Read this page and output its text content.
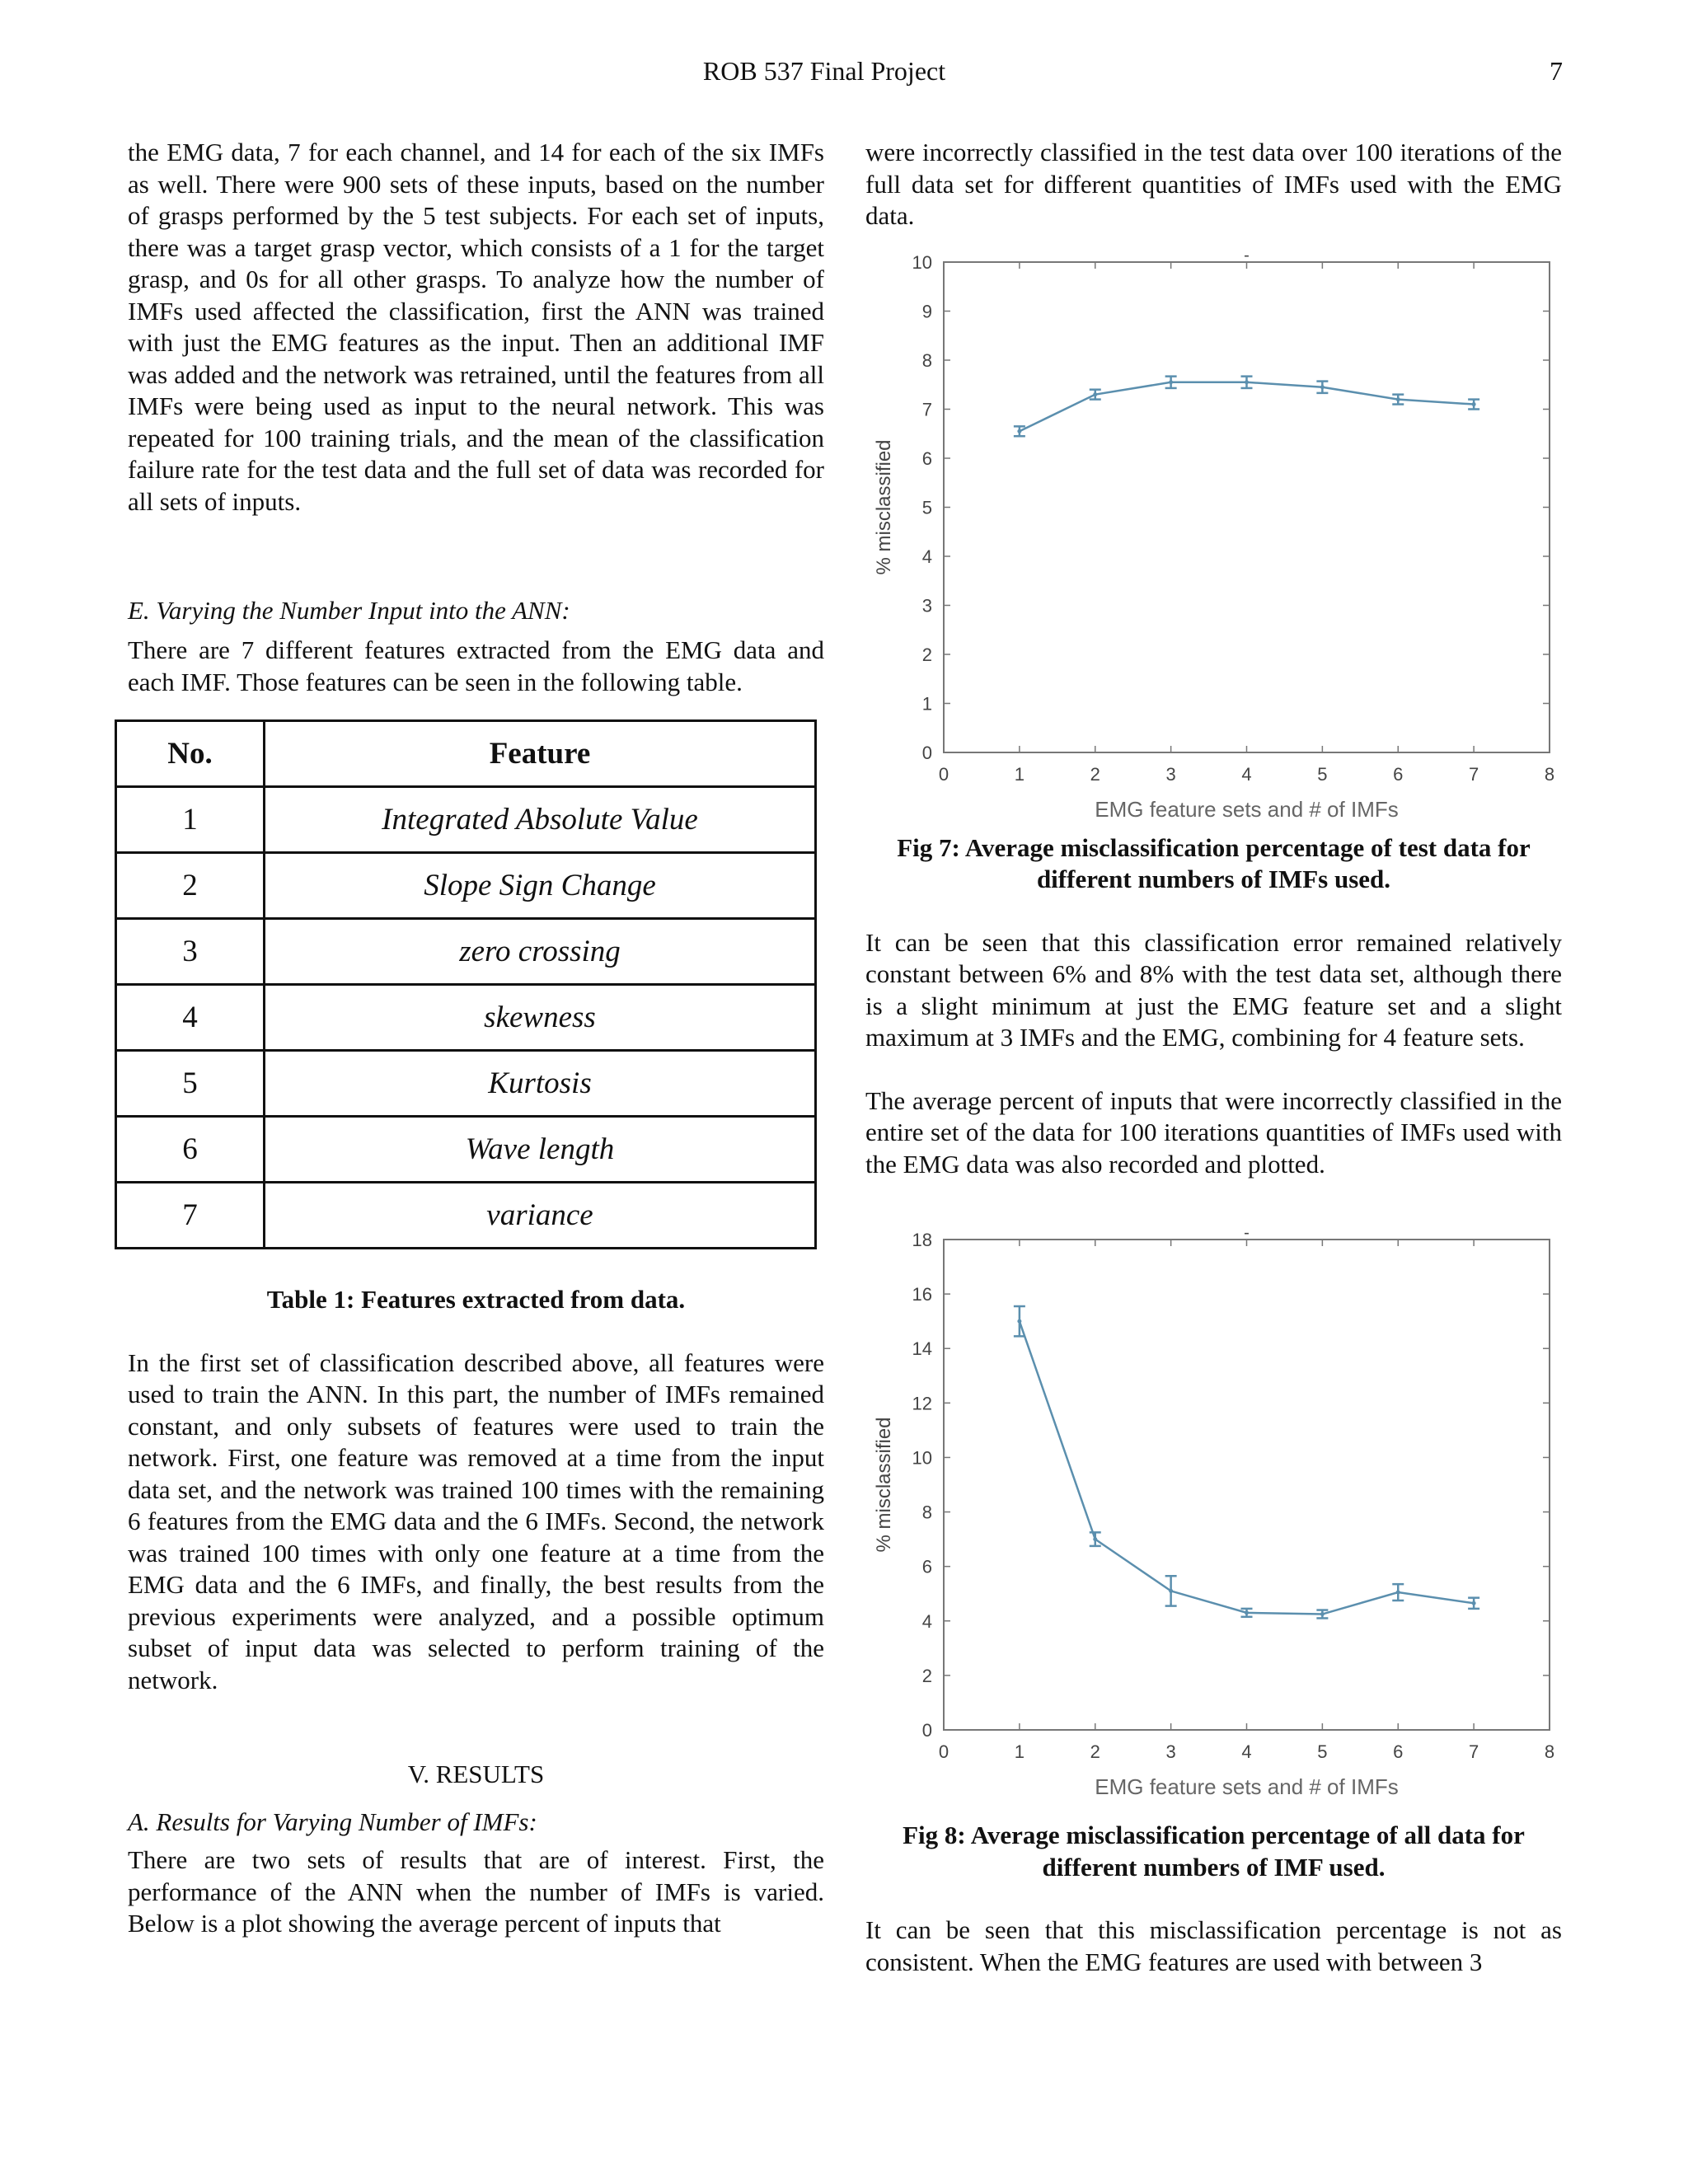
ROB 537 Final Project	7

the EMG data, 7 for each channel, and 14 for each of the six IMFs as well. There were 900 sets of these inputs, based on the number of grasps performed by the 5 test subjects. For each set of inputs, there was a target grasp vector, which consists of a 1 for the target grasp, and 0s for all other grasps. To analyze how the number of IMFs used affected the classification, first the ANN was trained with just the EMG features as the input. Then an additional IMF was added and the network was retrained, until the features from all IMFs were being used as input to the neural network. This was repeated for 100 training trials, and the mean of the classification failure rate for the test data and the full set of data was recorded for all sets of inputs.

E. Varying the Number Input into the ANN:

There are 7 different features extracted from the EMG data and each IMF. Those features can be seen in the following table.

No.	Feature
1	Integrated Absolute Value
2	Slope Sign Change
3	zero crossing
4	skewness
5	Kurtosis
6	Wave length
7	variance

Table 1: Features extracted from data.

In the first set of classification described above, all features were used to train the ANN. In this part, the number of IMFs remained constant, and only subsets of features were used to train the network. First, one feature was removed at a time from the input data set, and the network was trained 100 times with the remaining 6 features from the EMG data and the 6 IMFs. Second, the network was trained 100 times with only one feature at a time from the EMG data and the 6 IMFs, and finally, the best results from the previous experiments were analyzed, and a possible optimum subset of input data was selected to perform training of the network.

V. RESULTS

A. Results for Varying Number of IMFs:

There are two sets of results that are of interest. First, the performance of the ANN when the number of IMFs is varied. Below is a plot showing the average percent of inputs that

were incorrectly classified in the test data over 100 iterations of the full data set for different quantities of IMFs used with the EMG data.

-
0	1	2	3	4	5	6	7	8
0
1
2
3
4
5
6
7
8
9
10
EMG feature sets and # of IMFs
% misclassified

Fig 7: Average misclassification percentage of test data for different numbers of IMFs used.

It can be seen that this classification error remained relatively constant between 6% and 8% with the test data set, although there is a slight minimum at just the EMG feature set and a slight maximum at 3 IMFs and the EMG, combining for 4 feature sets.

The average percent of inputs that were incorrectly classified in the entire set of the data for 100 iterations quantities of IMFs used with the EMG data was also recorded and plotted.

-
0	1	2	3	4	5	6	7	8
0
2
4
6
8
10
12
14
16
18
EMG feature sets and # of IMFs
% misclassified

Fig 8: Average misclassification percentage of all data for different numbers of IMF used.

It can be seen that this misclassification percentage is not as consistent. When the EMG features are used with between 3
